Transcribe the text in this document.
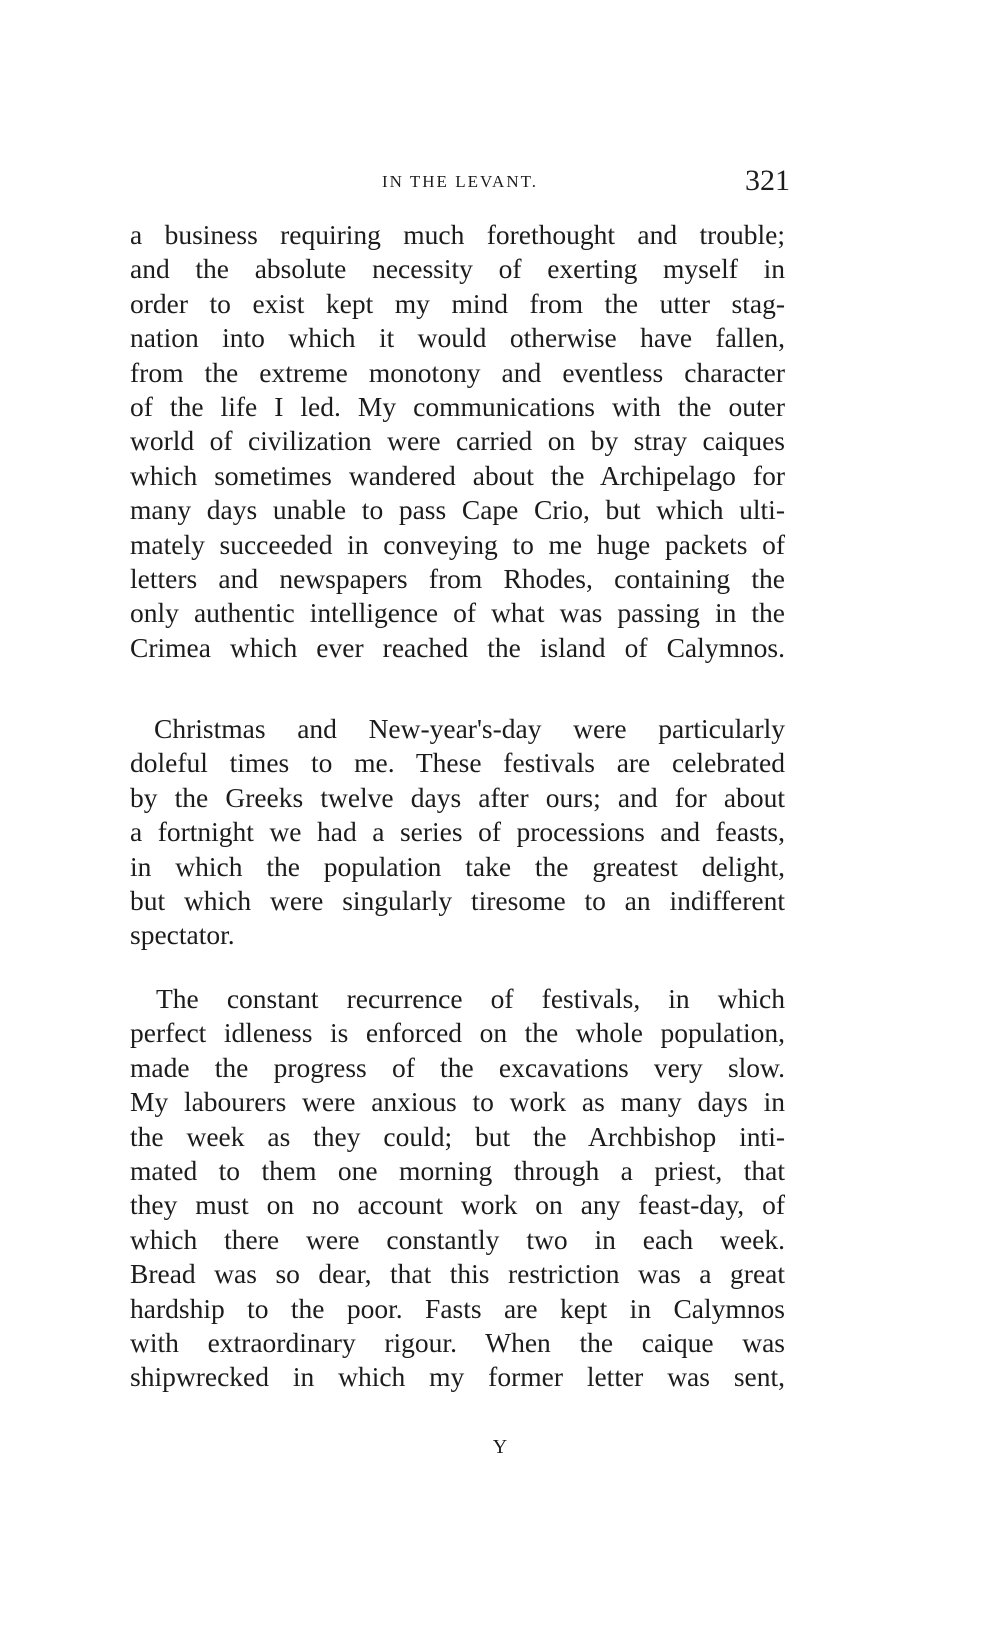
IN THE LEVANT.	321
a business requiring much forethought and trouble;
and the absolute necessity of exerting myself in
order to exist kept my mind from the utter stag-
nation into which it would otherwise have fallen,
from the extreme monotony and eventless character
of the life I led. My communications with the outer
world of civilization were carried on by stray caiques
which sometimes wandered about the Archipelago for
many days unable to pass Cape Crio, but which ulti-
mately succeeded in conveying to me huge packets of
letters and newspapers from Rhodes, containing the
only authentic intelligence of what was passing in the
Crimea which ever reached the island of Calymnos.
Christmas and New-year's-day were particularly
doleful times to me. These festivals are celebrated
by the Greeks twelve days after ours; and for about
a fortnight we had a series of processions and feasts,
in which the population take the greatest delight,
but which were singularly tiresome to an indifferent
spectator.
The constant recurrence of festivals, in which
perfect idleness is enforced on the whole population,
made the progress of the excavations very slow.
My labourers were anxious to work as many days in
the week as they could; but the Archbishop inti-
mated to them one morning through a priest, that
they must on no account work on any feast-day, of
which there were constantly two in each week.
Bread was so dear, that this restriction was a great
hardship to the poor. Fasts are kept in Calymnos
with extraordinary rigour. When the caique was
shipwrecked in which my former letter was sent,
Y
